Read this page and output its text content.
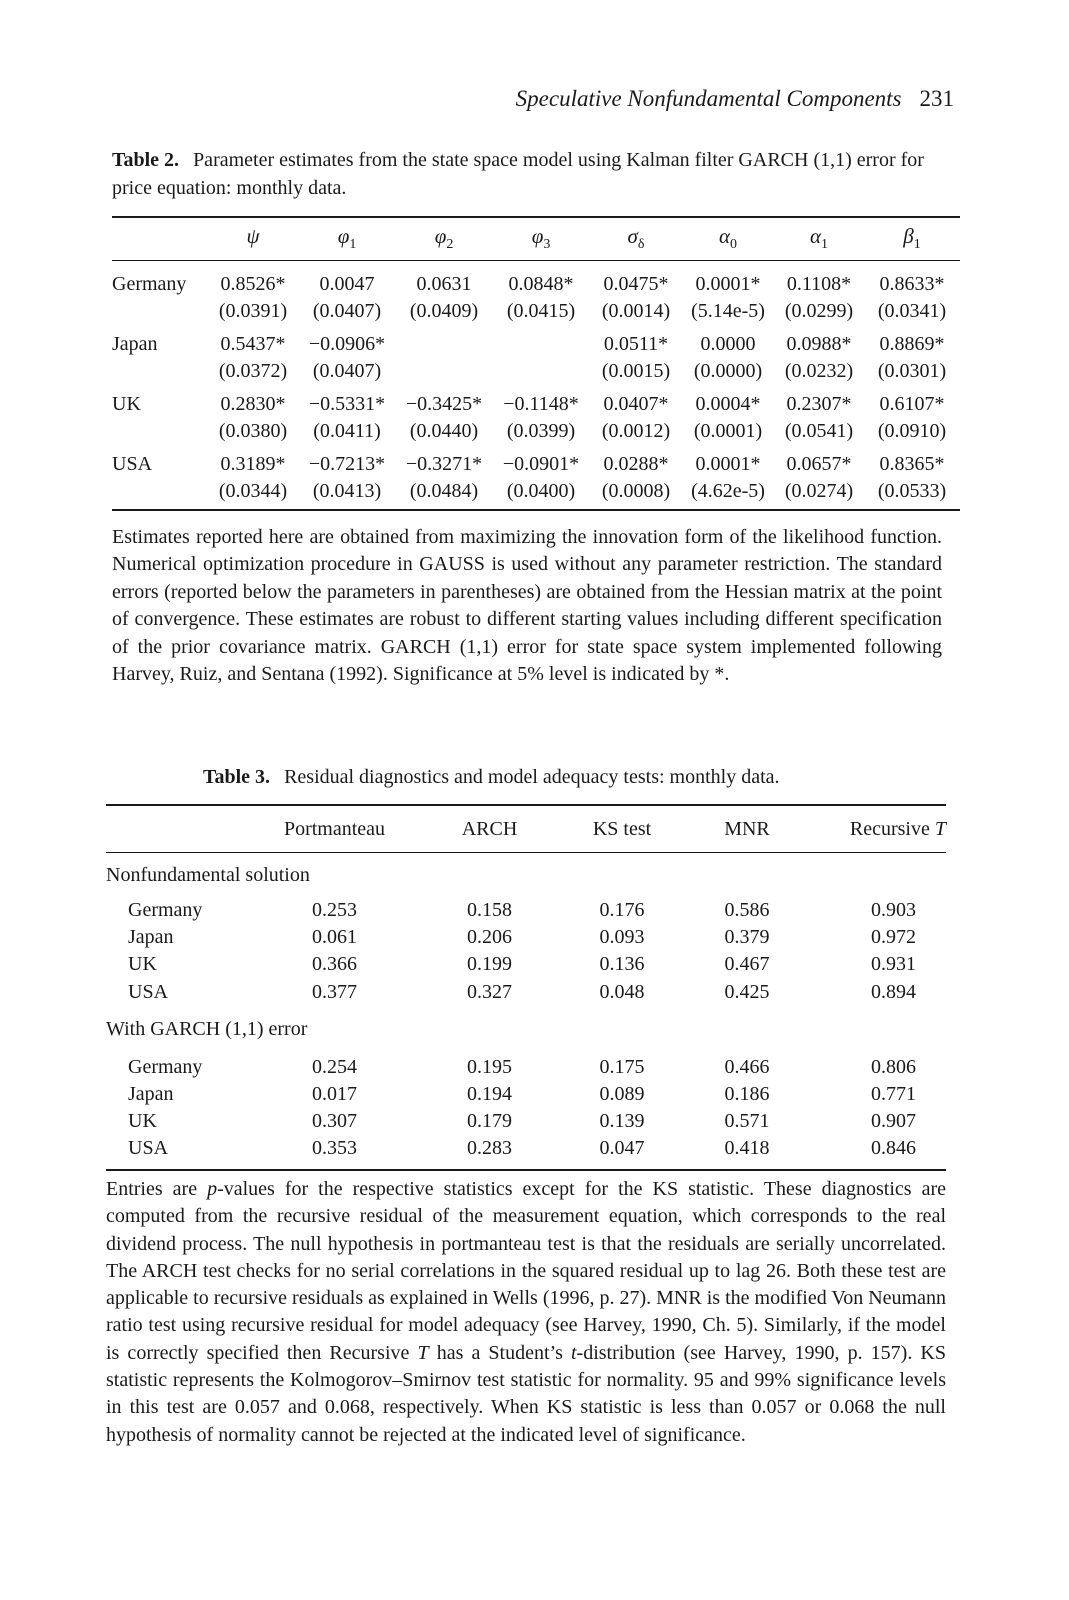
Speculative Nonfundamental Components 231
Table 2. Parameter estimates from the state space model using Kalman filter GARCH (1,1) error for price equation: monthly data.
	ψ	$\varphi_1$	$\varphi_2$	$\varphi_3$	$\sigma_\delta$	$\alpha_0$	$\alpha_1$	$\beta_1$

Germany	0.8526*	0.0047	0.0631	0.0848*	0.0475*	0.0001*	0.1108*	0.8633*
	(0.0391)	(0.0407)	(0.0409)	(0.0415)	(0.0014)	(5.14e-5)	(0.0299)	(0.0341)
Japan	0.5437*	−0.0906*			0.0511*	0.0000	0.0988*	0.8869*
	(0.0372)	(0.0407)			(0.0015)	(0.0000)	(0.0232)	(0.0301)
UK	0.2830*	−0.5331*	−0.3425*	−0.1148*	0.0407*	0.0004*	0.2307*	0.6107*
	(0.0380)	(0.0411)	(0.0440)	(0.0399)	(0.0012)	(0.0001)	(0.0541)	(0.0910)
USA	0.3189*	−0.7213*	−0.3271*	−0.0901*	0.0288*	0.0001*	0.0657*	0.8365*
	(0.0344)	(0.0413)	(0.0484)	(0.0400)	(0.0008)	(4.62e-5)	(0.0274)	(0.0533)

Estimates reported here are obtained from maximizing the innovation form of the likelihood function. Numerical optimization procedure in GAUSS is used without any parameter restriction. The standard errors (reported below the parameters in parentheses) are obtained from the Hessian matrix at the point of convergence. These estimates are robust to different starting values including different specification of the prior covariance matrix. GARCH (1,1) error for state space system implemented following Harvey, Ruiz, and Sentana (1992). Significance at 5% level is indicated by *.
Table 3. Residual diagnostics and model adequacy tests: monthly data.
	Portmanteau	ARCH	KS test	MNR	Recursive T

Nonfundamental solution					
Germany	0.253	0.158	0.176	0.586	0.903
Japan	0.061	0.206	0.093	0.379	0.972
UK	0.366	0.199	0.136	0.467	0.931
USA	0.377	0.327	0.048	0.425	0.894
With GARCH (1,1) error					
Germany	0.254	0.195	0.175	0.466	0.806
Japan	0.017	0.194	0.089	0.186	0.771
UK	0.307	0.179	0.139	0.571	0.907
USA	0.353	0.283	0.047	0.418	0.846

Entries are p-values for the respective statistics except for the KS statistic. These diagnostics are computed from the recursive residual of the measurement equation, which corresponds to the real dividend process. The null hypothesis in portmanteau test is that the residuals are serially uncorrelated. The ARCH test checks for no serial correlations in the squared residual up to lag 26. Both these test are applicable to recursive residuals as explained in Wells (1996, p. 27). MNR is the modified Von Neumann ratio test using recursive residual for model adequacy (see Harvey, 1990, Ch. 5). Similarly, if the model is correctly specified then Recursive T has a Student’s t-distribution (see Harvey, 1990, p. 157). KS statistic represents the Kolmogorov–Smirnov test statistic for normality. 95 and 99% significance levels in this test are 0.057 and 0.068, respectively. When KS statistic is less than 0.057 or 0.068 the null hypothesis of normality cannot be rejected at the indicated level of significance.
